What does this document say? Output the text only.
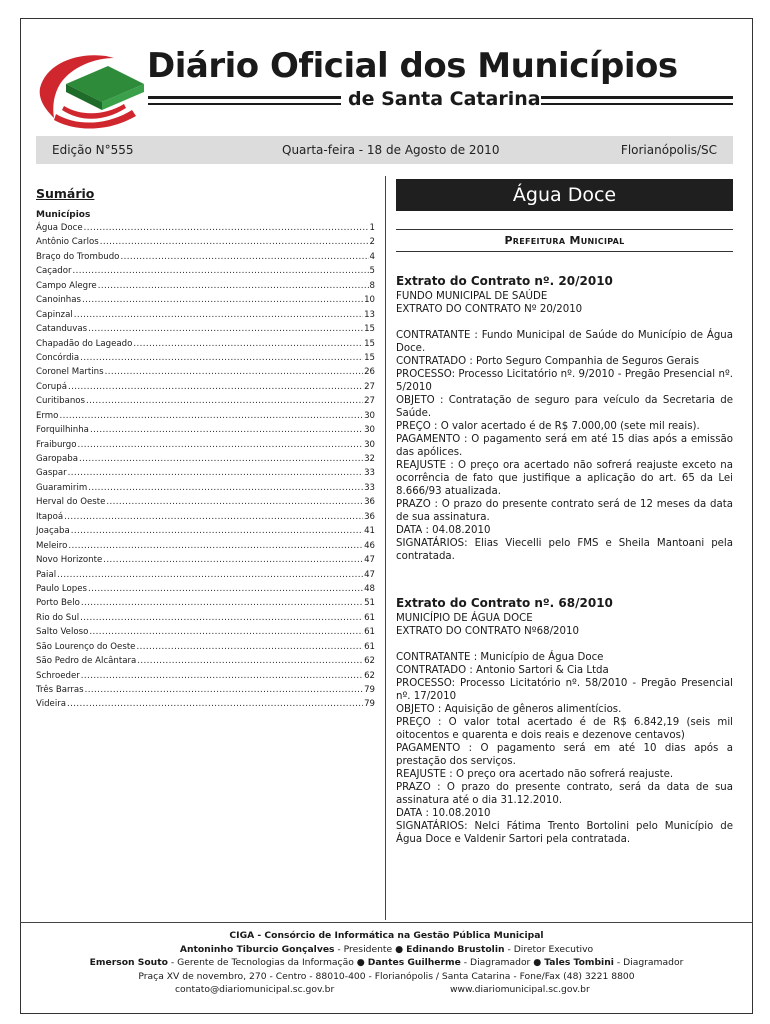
Diário Oficial dos Municípios
de Santa Catarina
Edição N°555	Quarta-feira - 18 de Agosto de 2010	Florianópolis/SC
Sumário
Municípios
Água Doce .....	1
Antônio Carlos .....	2
Braço do Trombudo .....	4
Caçador .....	5
Campo Alegre .....	8
Canoinhas .....	10
Capinzal .....	13
Catanduvas .....	15
Chapadão do Lageado .....	15
Concórdia .....	15
Coronel Martins .....	26
Corupá .....	27
Curitibanos .....	27
Ermo .....	30
Forquilhinha .....	30
Fraiburgo .....	30
Garopaba .....	32
Gaspar .....	33
Guaramirim .....	33
Herval do Oeste .....	36
Itapoá .....	36
Joaçaba .....	41
Meleiro .....	46
Novo Horizonte .....	47
Paial .....	47
Paulo Lopes .....	48
Porto Belo .....	51
Rio do Sul .....	61
Salto Veloso .....	61
São Lourenço do Oeste .....	61
São Pedro de Alcântara .....	62
Schroeder .....	62
Três Barras .....	79
Videira .....	79
Água Doce
Prefeitura Municipal
Extrato do Contrato nº. 20/2010

FUNDO MUNICIPAL DE SAÚDE

EXTRATO DO CONTRATO Nº 20/2010

CONTRATANTE : Fundo Municipal de Saúde do Município de Água Doce.

CONTRATADO : Porto Seguro Companhia de Seguros Gerais

PROCESSO: Processo Licitatório nº. 9/2010 - Pregão Presencial nº. 5/2010

OBJETO : Contratação de seguro para veículo da Secretaria de Saúde.

PREÇO : O valor acertado é de R$ 7.000,00 (sete mil reais).

PAGAMENTO : O pagamento será em até 15 dias após a emissão das apólices.

REAJUSTE : O preço ora acertado não sofrerá reajuste exceto na ocorrência de fato que justifique a aplicação do art. 65 da Lei 8.666/93 atualizada.

PRAZO : O prazo do presente contrato será de 12 meses da data de sua assinatura.

DATA : 04.08.2010

SIGNATÁRIOS: Elias Viecelli pelo FMS e Sheila Mantoani pela contratada.

Extrato do Contrato nº. 68/2010

MUNICÍPIO DE ÁGUA DOCE

EXTRATO DO CONTRATO Nº68/2010

CONTRATANTE : Município de Água Doce

CONTRATADO : Antonio Sartori & Cia Ltda

PROCESSO: Processo Licitatório nº. 58/2010 - Pregão Presencial nº. 17/2010

OBJETO : Aquisição de gêneros alimentícios.

PREÇO : O valor total acertado é de R$ 6.842,19 (seis mil oitocentos e quarenta e dois reais e dezenove centavos)

PAGAMENTO : O pagamento será em até 10 dias após a prestação dos serviços.

REAJUSTE : O preço ora acertado não sofrerá reajuste.

PRAZO : O prazo do presente contrato, será da data de sua assinatura até o dia 31.12.2010.

DATA : 10.08.2010

SIGNATÁRIOS: Nelci Fátima Trento Bortolini pelo Município de Água Doce e Valdenir Sartori pela contratada.

CIGA - Consórcio de Informática na Gestão Pública Municipal
Antoninho Tiburcio Gonçalves - Presidente ● Edinando Brustolin - Diretor Executivo
Emerson Souto - Gerente de Tecnologias da Informação ● Dantes Guilherme - Diagramador ● Tales Tombini - Diagramador
Praça XV de novembro, 270 - Centro - 88010-400 - Florianópolis / Santa Catarina - Fone/Fax (48) 3221 8800
contato@diariomunicipal.sc.gov.br	www.diariomunicipal.sc.gov.br
